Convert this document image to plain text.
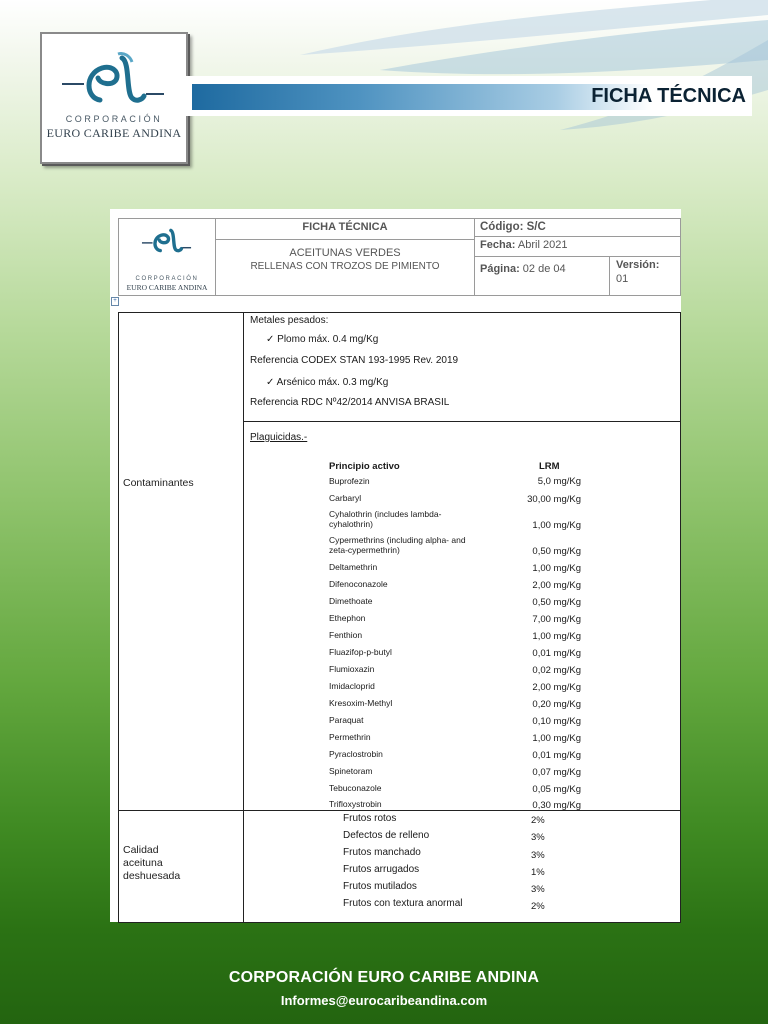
CORPORACIÓN
EURO CARIBE ANDINA
FICHA TÉCNICA
CORPORACIÓN
EURO CARIBE ANDINA
FICHA TÉCNICA
ACEITUNAS VERDES
RELLENAS CON TROZOS DE PIMIENTO
Código: S/C
Fecha: Abril 2021
Página: 02 de 04	Versión:
01
+
Contaminantes
Metales pesados:
✓ Plomo máx. 0.4 mg/Kg
Referencia CODEX STAN 193-1995 Rev. 2019
✓ Arsénico máx. 0.3 mg/Kg
Referencia RDC Nº42/2014 ANVISA BRASIL
Plaguicidas.-
Principio activo	LRM
Buprofezin	5,0 mg/Kg
Carbaryl	30,00 mg/Kg
Cyhalothrin (includes lambda-
cyhalothrin)	1,00 mg/Kg
Cypermethrins (including alpha- and
zeta-cypermethrin)	0,50 mg/Kg
Deltamethrin	1,00 mg/Kg
Difenoconazole	2,00 mg/Kg
Dimethoate	0,50 mg/Kg
Ethephon	7,00 mg/Kg
Fenthion	1,00 mg/Kg
Fluazifop-p-butyl	0,01 mg/Kg
Flumioxazin	0,02 mg/Kg
Imidacloprid	2,00 mg/Kg
Kresoxim-Methyl	0,20 mg/Kg
Paraquat	0,10 mg/Kg
Permethrin	1,00 mg/Kg
Pyraclostrobin	0,01 mg/Kg
Spinetoram	0,07 mg/Kg
Tebuconazole	0,05 mg/Kg
Trifloxystrobin	0,30 mg/Kg
Calidad
aceituna
deshuesada
Frutos rotos	2%
Defectos de relleno	3%
Frutos manchado	3%
Frutos arrugados	1%
Frutos mutilados	3%
Frutos con textura anormal	2%
CORPORACIÓN EURO CARIBE ANDINA
Informes@eurocaribeandina.com
